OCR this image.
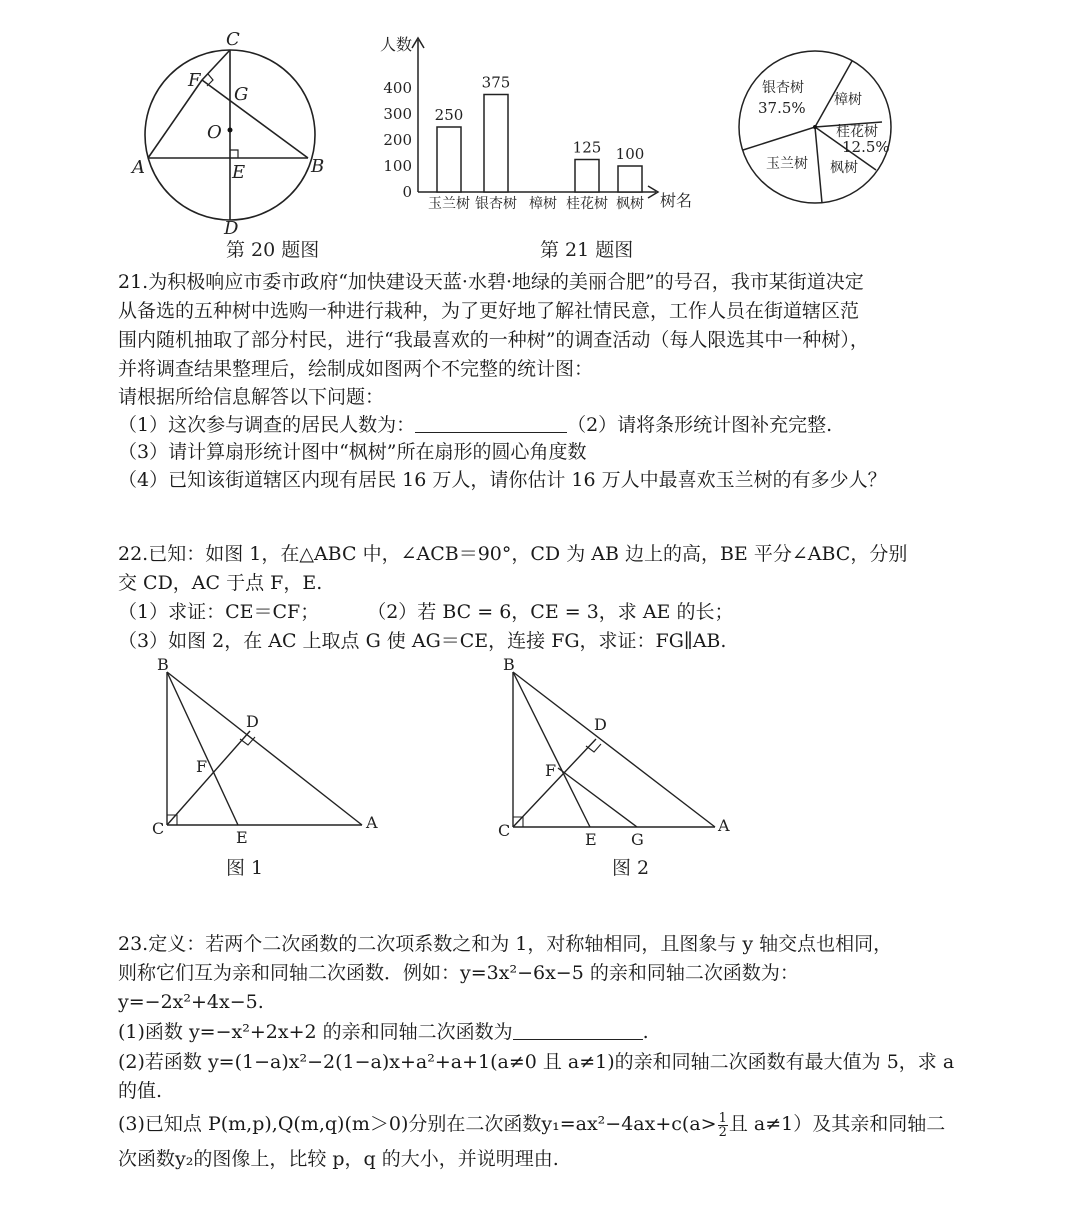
C
F
G
O
A	E	B
D
第 20 题图
0
100
200
300
400
250
375
125 100
玉兰树 银杏树 樟树 桂花树 枫树
人数
树名
第 21 题图
银杏树
37.5% 樟树
桂花树
12.5%
枫树
玉兰树
21.为积极响应市委市政府“加快建设天蓝·水碧·地绿的美丽合肥”的号召，我市某街道决定
从备选的五种树中选购一种进行栽种，为了更好地了解社情民意，工作人员在街道辖区范
围内随机抽取了部分村民，进行“我最喜欢的一种树”的调查活动（每人限选其中一种树），
并将调查结果整理后，绘制成如图两个不完整的统计图：
请根据所给信息解答以下问题：
（1）这次参与调查的居民人数为：	（2）请将条形统计图补充完整.
（3）请计算扇形统计图中“枫树”所在扇形的圆心角度数
（4）已知该街道辖区内现有居民 16 万人，请你估计 16 万人中最喜欢玉兰树的有多少人？
22.已知：如图 1，在△ABC 中，∠ACB＝90°，CD 为 AB 边上的高，BE 平分∠ABC，分别
交 CD，AC 于点 F，E.
（1）求证：CE＝CF；	（2）若 BC = 6，CE = 3，求 AE 的长；
（3）如图 2，在 AC 上取点 G 使 AG＝CE，连接 FG，求证：FG∥AB.
B
D
F
C	E
A
图 1
B
D
F
C	E G
A
图 2
23.定义：若两个二次函数的二次项系数之和为 1，对称轴相同，且图象与 y 轴交点也相同，
则称它们互为亲和同轴二次函数．例如：y=3x²−6x−5 的亲和同轴二次函数为：
y=−2x²+4x−5.
(1)函数 y=−x²+2x+2 的亲和同轴二次函数为	.
(2)若函数 y=(1−a)x²−2(1−a)x+a²+a+1(a≠0 且 a≠1)的亲和同轴二次函数有最大值为 5，求 a
的值.
(3)已知点 P(m,p),Q(m,q)(m＞0)分别在二次函数$y_1=ax^2-4ax+c(a> \frac{1}{2}$ 且 a≠1）及其亲和同轴二
次函数y₂的图像上，比较 p，q 的大小，并说明理由.
